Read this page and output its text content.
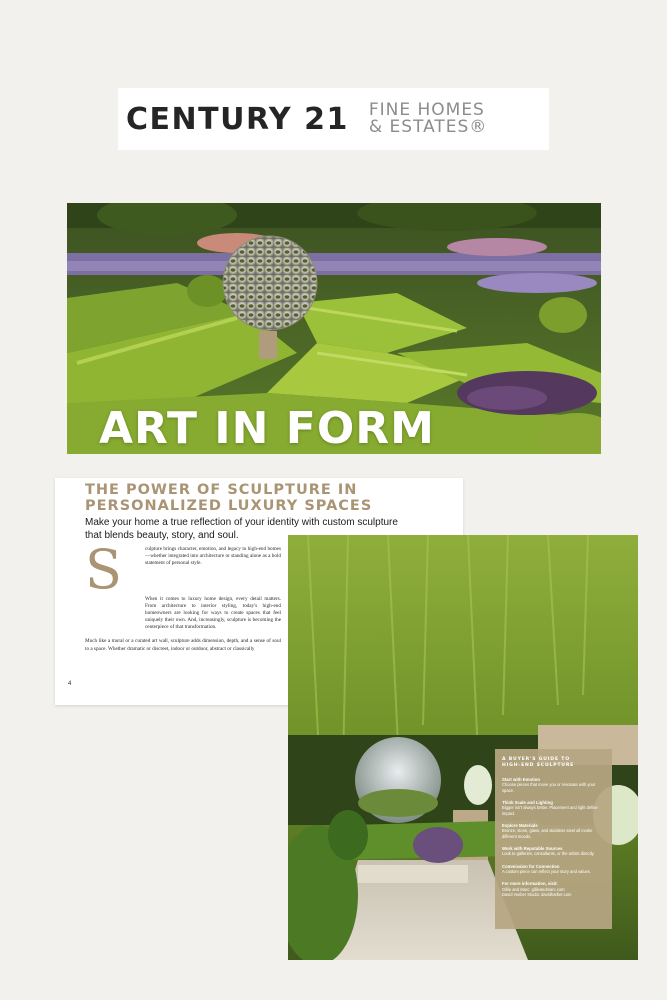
CENTURY 21 FINE HOMES
& ESTATES®
ART IN FORM
THE POWER OF SCULPTURE IN PERSONALIZED LUXURY SPACES
Make your home a true reflection of your identity with custom sculpture that blends beauty, story, and soul.
S	culpture brings character, emotion, and legacy to high-end homes—whether integrated into architecture or standing alone as a bold statement of personal style.

When it comes to luxury home design, every detail matters. From architecture to interior styling, today's high-end homeowners are looking for ways to create spaces that feel uniquely their own. And, increasingly, sculpture is becoming the centerpiece of that transformation.

Much like a mural or a curated art wall, sculpture adds dimension, depth, and a sense of soul to a space. Whether dramatic or discreet, indoor or outdoor, abstract or classically

4
A BUYER'S GUIDE TO
HIGH-END SCULPTURE
Start with Emotion
Choose pieces that move you or resonate with your space.
Think Scale and Lighting
Bigger isn't always better. Placement and light define impact.
Explore Materials
Bronze, stone, glass, and stainless steel all evoke different moods.
Work with Reputable Sources
Look to galleries, consultants, or the artists directly.
Commission for Connection
A custom piece can reflect your story and values.
For more information, visit:
Gillie and Marc: gillieandmarc.com
David Harber Studio: davidharber.com
